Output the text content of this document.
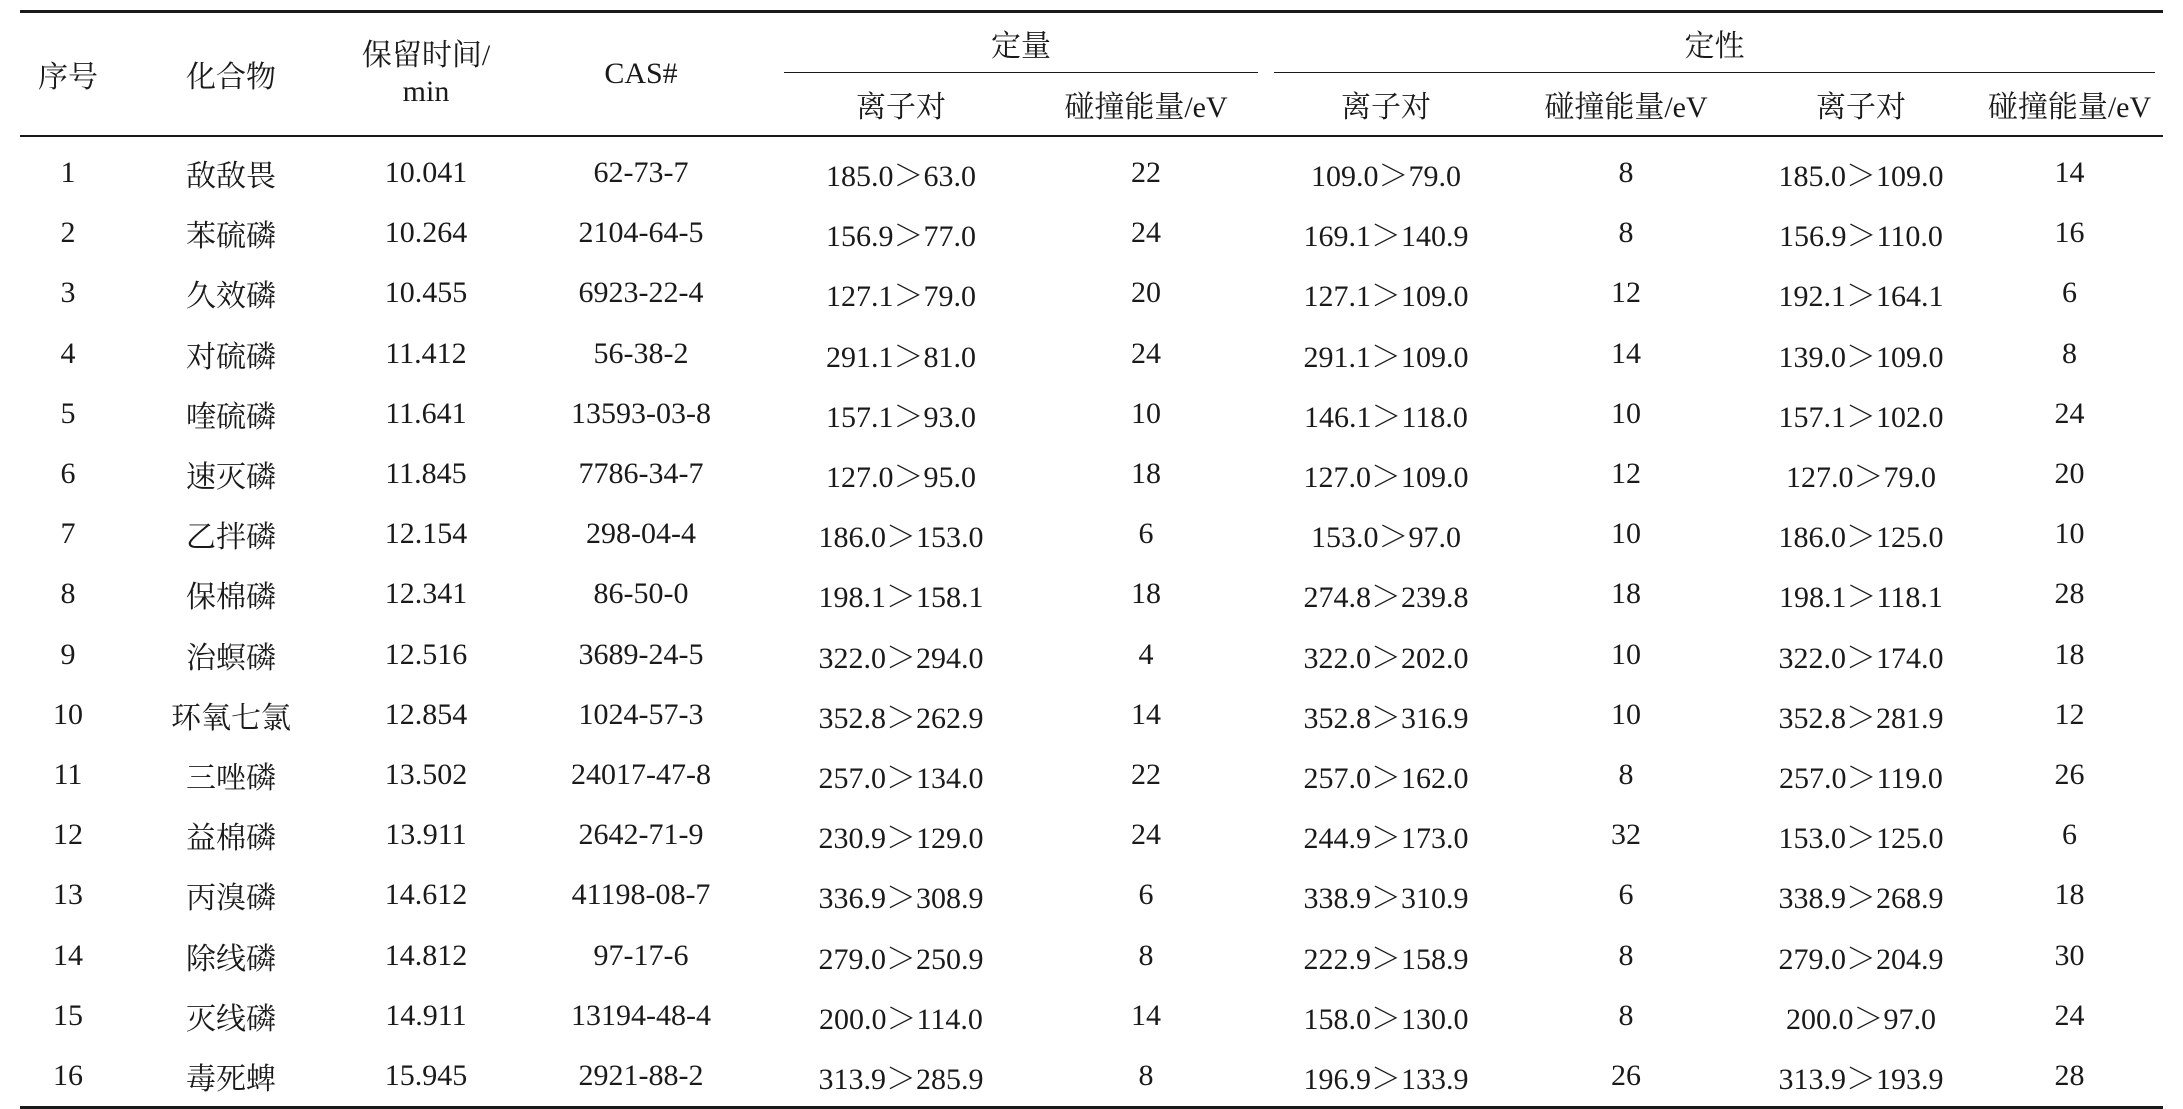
序号	化合物	保留时间/
min	CAS#	定量		定性			
				离子对	碰撞能量/eV	离子对	碰撞能量/eV	离子对	碰撞能量/eV
1	敌敌畏	10.041	62-73-7	185.0＞63.0	22	109.0＞79.0	8	185.0＞109.0	14
2	苯硫磷	10.264	2104-64-5	156.9＞77.0	24	169.1＞140.9	8	156.9＞110.0	16
3	久效磷	10.455	6923-22-4	127.1＞79.0	20	127.1＞109.0	12	192.1＞164.1	6
4	对硫磷	11.412	56-38-2	291.1＞81.0	24	291.1＞109.0	14	139.0＞109.0	8
5	喹硫磷	11.641	13593-03-8	157.1＞93.0	10	146.1＞118.0	10	157.1＞102.0	24
6	速灭磷	11.845	7786-34-7	127.0＞95.0	18	127.0＞109.0	12	127.0＞79.0	20
7	乙拌磷	12.154	298-04-4	186.0＞153.0	6	153.0＞97.0	10	186.0＞125.0	10
8	保棉磷	12.341	86-50-0	198.1＞158.1	18	274.8＞239.8	18	198.1＞118.1	28
9	治螟磷	12.516	3689-24-5	322.0＞294.0	4	322.0＞202.0	10	322.0＞174.0	18
10	环氧七氯	12.854	1024-57-3	352.8＞262.9	14	352.8＞316.9	10	352.8＞281.9	12
11	三唑磷	13.502	24017-47-8	257.0＞134.0	22	257.0＞162.0	8	257.0＞119.0	26
12	益棉磷	13.911	2642-71-9	230.9＞129.0	24	244.9＞173.0	32	153.0＞125.0	6
13	丙溴磷	14.612	41198-08-7	336.9＞308.9	6	338.9＞310.9	6	338.9＞268.9	18
14	除线磷	14.812	97-17-6	279.0＞250.9	8	222.9＞158.9	8	279.0＞204.9	30
15	灭线磷	14.911	13194-48-4	200.0＞114.0	14	158.0＞130.0	8	200.0＞97.0	24
16	毒死蜱	15.945	2921-88-2	313.9＞285.9	8	196.9＞133.9	26	313.9＞193.9	28
